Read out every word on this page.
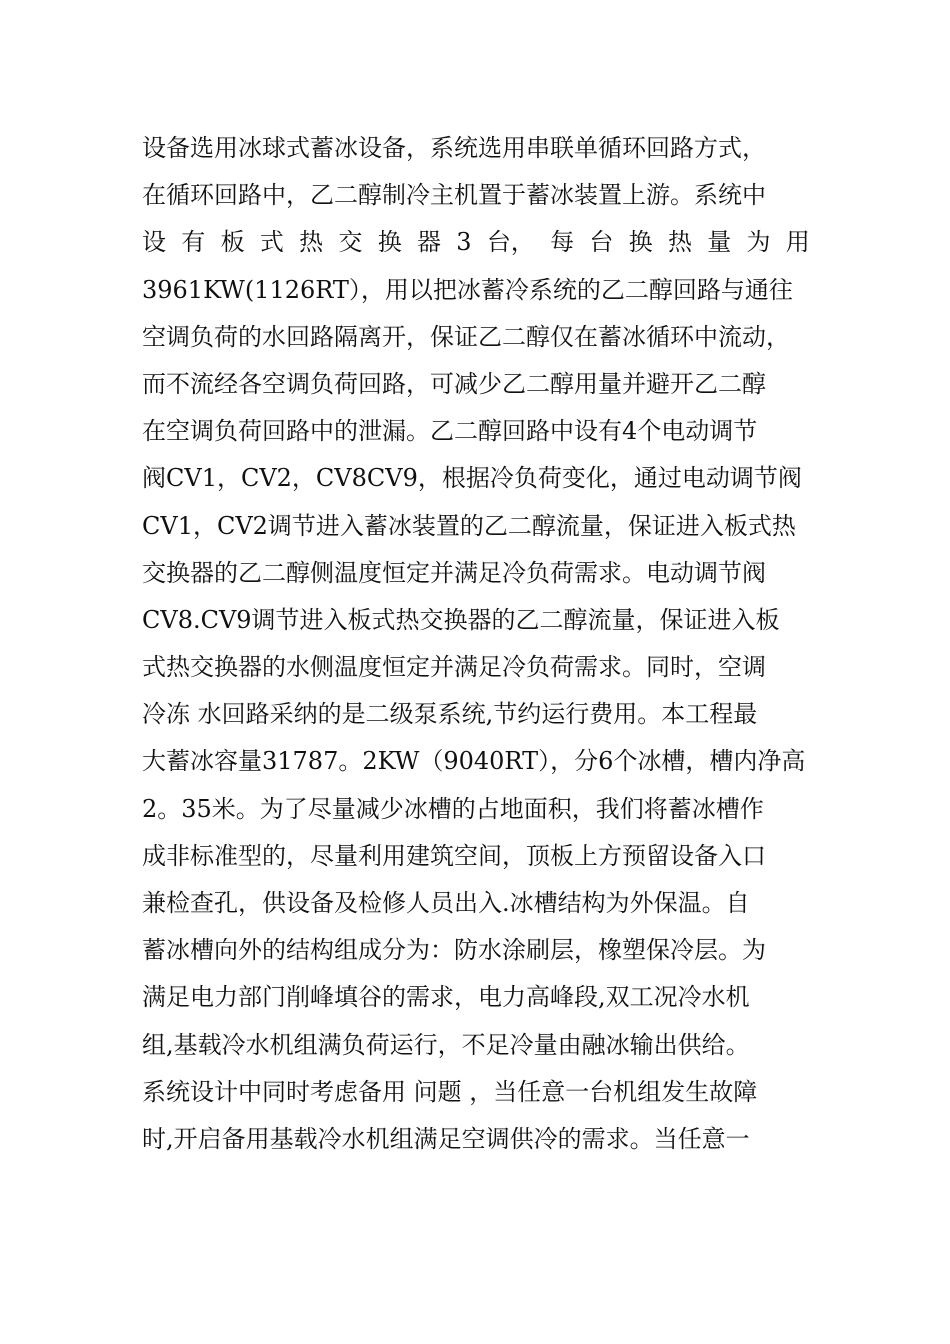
设备选用冰球式蓄冰设备，系统选用串联单循环回路方式，
在循环回路中，乙二醇制冷主机置于蓄冰装置上游。系统中
设 有 板 式 热 交 换 器 3 台， 每 台 换 热 量 为 用
3961KW(1126RT），用以把冰蓄冷系统的乙二醇回路与通往
空调负荷的水回路隔离开，保证乙二醇仅在蓄冰循环中流动，
而不流经各空调负荷回路，可减少乙二醇用量并避开乙二醇
在空调负荷回路中的泄漏。乙二醇回路中设有4个电动调节
阀CV1，CV2，CV8CV9，根据冷负荷变化，通过电动调节阀
CV1，CV2调节进入蓄冰装置的乙二醇流量，保证进入板式热
交换器的乙二醇侧温度恒定并满足冷负荷需求。电动调节阀
CV8.CV9调节进入板式热交换器的乙二醇流量，保证进入板
式热交换器的水侧温度恒定并满足冷负荷需求。同时，空调
冷冻 水回路采纳的是二级泵系统,节约运行费用。本工程最
大蓄冰容量31787。2KW（9040RT），分6个冰槽，槽内净高
2。35米。为了尽量减少冰槽的占地面积，我们将蓄冰槽作
成非标准型的，尽量利用建筑空间，顶板上方预留设备入口
兼检查孔，供设备及检修人员出入.冰槽结构为外保温。自
蓄冰槽向外的结构组成分为：防水涂刷层，橡塑保冷层。为
满足电力部门削峰填谷的需求，电力高峰段,双工况冷水机
组,基载冷水机组满负荷运行，不足冷量由融冰输出供给。
系统设计中同时考虑备用 问题 ，当任意一台机组发生故障
时,开启备用基载冷水机组满足空调供冷的需求。当任意一
